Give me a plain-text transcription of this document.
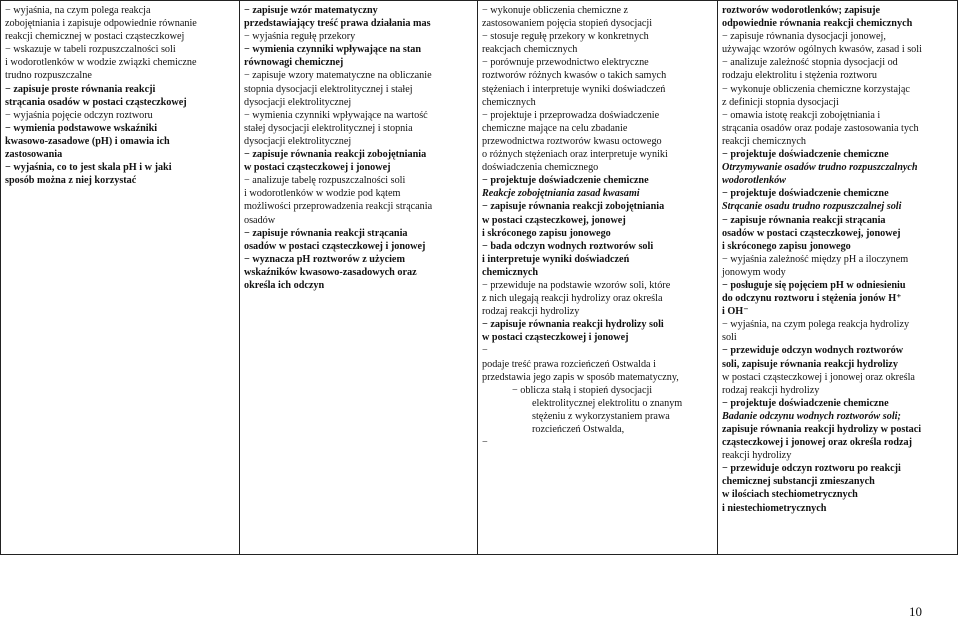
− wyjaśnia, na czym polega reakcja
zobojętniania i zapisuje odpowiednie równanie
reakcji chemicznej w postaci cząsteczkowej
− wskazuje w tabeli rozpuszczalności soli
i wodorotlenków w wodzie związki chemiczne
trudno rozpuszczalne
− zapisuje proste równania reakcji
strącania osadów w postaci cząsteczkowej
− wyjaśnia pojęcie odczyn roztworu
− wymienia podstawowe wskaźniki
kwasowo-zasadowe (pH) i omawia ich
zastosowania
− wyjaśnia, co to jest skala pH i w jaki
sposób można z niej korzystać
− zapisuje wzór matematyczny
przedstawiający treść prawa działania mas
− wyjaśnia regułę przekory
− wymienia czynniki wpływające na stan
równowagi chemicznej
− zapisuje wzory matematyczne na obliczanie
stopnia dysocjacji elektrolitycznej i stałej
dysocjacji elektrolitycznej
− wymienia czynniki wpływające na wartość
stałej dysocjacji elektrolitycznej i stopnia
dysocjacji elektrolitycznej
− zapisuje równania reakcji zobojętniania
w postaci cząsteczkowej i jonowej
− analizuje tabelę rozpuszczalności soli
i wodorotlenków w wodzie pod kątem
możliwości przeprowadzenia reakcji strącania
osadów
− zapisuje równania reakcji strącania
osadów w postaci cząsteczkowej i jonowej
− wyznacza pH roztworów z użyciem
wskaźników kwasowo-zasadowych oraz
określa ich odczyn
− wykonuje obliczenia chemiczne z
zastosowaniem pojęcia stopień dysocjacji
− stosuje regułę przekory w konkretnych
reakcjach chemicznych
− porównuje przewodnictwo elektryczne
roztworów różnych kwasów o takich samych
stężeniach i interpretuje wyniki doświadczeń
chemicznych
− projektuje i przeprowadza doświadczenie
chemiczne mające na celu zbadanie
przewodnictwa roztworów kwasu octowego
o różnych stężeniach oraz interpretuje wyniki
doświadczenia chemicznego
− projektuje doświadczenie chemiczne
Reakcje zobojętniania zasad kwasami
− zapisuje równania reakcji zobojętniania
w postaci cząsteczkowej, jonowej
i skróconego zapisu jonowego
− bada odczyn wodnych roztworów soli
i interpretuje wyniki doświadczeń
chemicznych
− przewiduje na podstawie wzorów soli, które
z nich ulegają reakcji hydrolizy oraz określa
rodzaj reakcji hydrolizy
− zapisuje równania reakcji hydrolizy soli
w postaci cząsteczkowej i jonowej
−
podaje treść prawa rozcieńczeń Ostwalda i
przedstawia jego zapis w sposób matematyczny,
− oblicza stałą i stopień dysocjacji
elektrolitycznej elektrolitu o znanym
stężeniu z wykorzystaniem prawa
rozcieńczeń Ostwalda,
−
roztworów wodorotlenków; zapisuje
odpowiednie równania reakcji chemicznych
− zapisuje równania dysocjacji jonowej,
używając wzorów ogólnych kwasów, zasad i soli
− analizuje zależność stopnia dysocjacji od
rodzaju elektrolitu i stężenia roztworu
− wykonuje obliczenia chemiczne korzystając
z definicji stopnia dysocjacji
− omawia istotę reakcji zobojętniania i
strącania osadów oraz podaje zastosowania tych
reakcji chemicznych
− projektuje doświadczenie chemiczne
Otrzymywanie osadów trudno rozpuszczalnych
wodorotlenków
− projektuje doświadczenie chemiczne
Strącanie osadu trudno rozpuszczalnej soli
− zapisuje równania reakcji strącania
osadów w postaci cząsteczkowej, jonowej
i skróconego zapisu jonowego
− wyjaśnia zależność między pH a iloczynem
jonowym wody
− posługuje się pojęciem pH w odniesieniu
do odczynu roztworu i stężenia jonów H⁺
i OH⁻
− wyjaśnia, na czym polega reakcja hydrolizy
soli
− przewiduje odczyn wodnych roztworów
soli, zapisuje równania reakcji hydrolizy
w postaci cząsteczkowej i jonowej oraz określa
rodzaj reakcji hydrolizy
− projektuje doświadczenie chemiczne
Badanie odczynu wodnych roztworów soli;
zapisuje równania reakcji hydrolizy w postaci
cząsteczkowej i jonowej oraz określa rodzaj
reakcji hydrolizy
− przewiduje odczyn roztworu po reakcji
chemicznej substancji zmieszanych
w ilościach stechiometrycznych
i niestechiometrycznych
10
